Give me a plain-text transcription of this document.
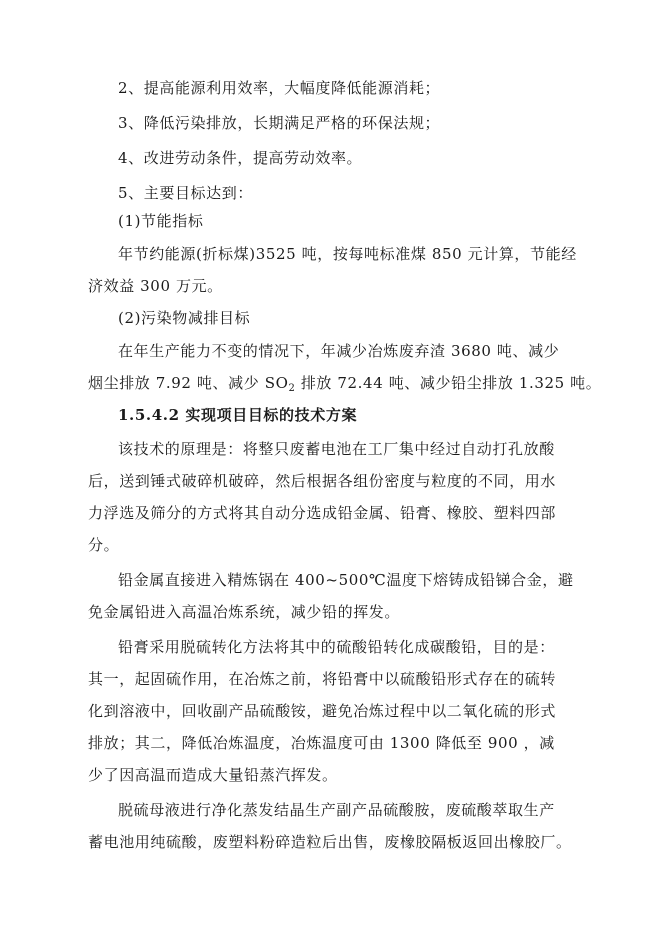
2、提高能源利用效率，大幅度降低能源消耗；
3、降低污染排放，长期满足严格的环保法规；
4、改进劳动条件，提高劳动效率。
5、主要目标达到：
(1)节能指标
年节约能源(折标煤)3525 吨，按每吨标准煤 850 元计算，节能经
济效益 300 万元。
(2)污染物减排目标
在年生产能力不变的情况下，年减少冶炼废弃渣 3680 吨、减少
烟尘排放 7.92 吨、减少 $SO_2$ 排放 72.44 吨、减少铅尘排放 1.325 吨。
1.5.4.2 实现项目目标的技术方案
该技术的原理是：将整只废蓄电池在工厂集中经过自动打孔放酸
后，送到锤式破碎机破碎，然后根据各组份密度与粒度的不同，用水
力浮选及筛分的方式将其自动分选成铅金属、铅膏、橡胶、塑料四部
分。
铅金属直接进入精炼锅在 400~500℃温度下熔铸成铅锑合金，避
免金属铅进入高温冶炼系统，减少铅的挥发。
铅膏采用脱硫转化方法将其中的硫酸铅转化成碳酸铅，目的是：
其一，起固硫作用，在冶炼之前，将铅膏中以硫酸铅形式存在的硫转
化到溶液中，回收副产品硫酸铵，避免冶炼过程中以二氧化硫的形式
排放；其二，降低冶炼温度，冶炼温度可由 1300 降低至 900 ，减
少了因高温而造成大量铅蒸汽挥发。
脱硫母液进行净化蒸发结晶生产副产品硫酸胺，废硫酸萃取生产
蓄电池用纯硫酸，废塑料粉碎造粒后出售，废橡胶隔板返回出橡胶厂。
